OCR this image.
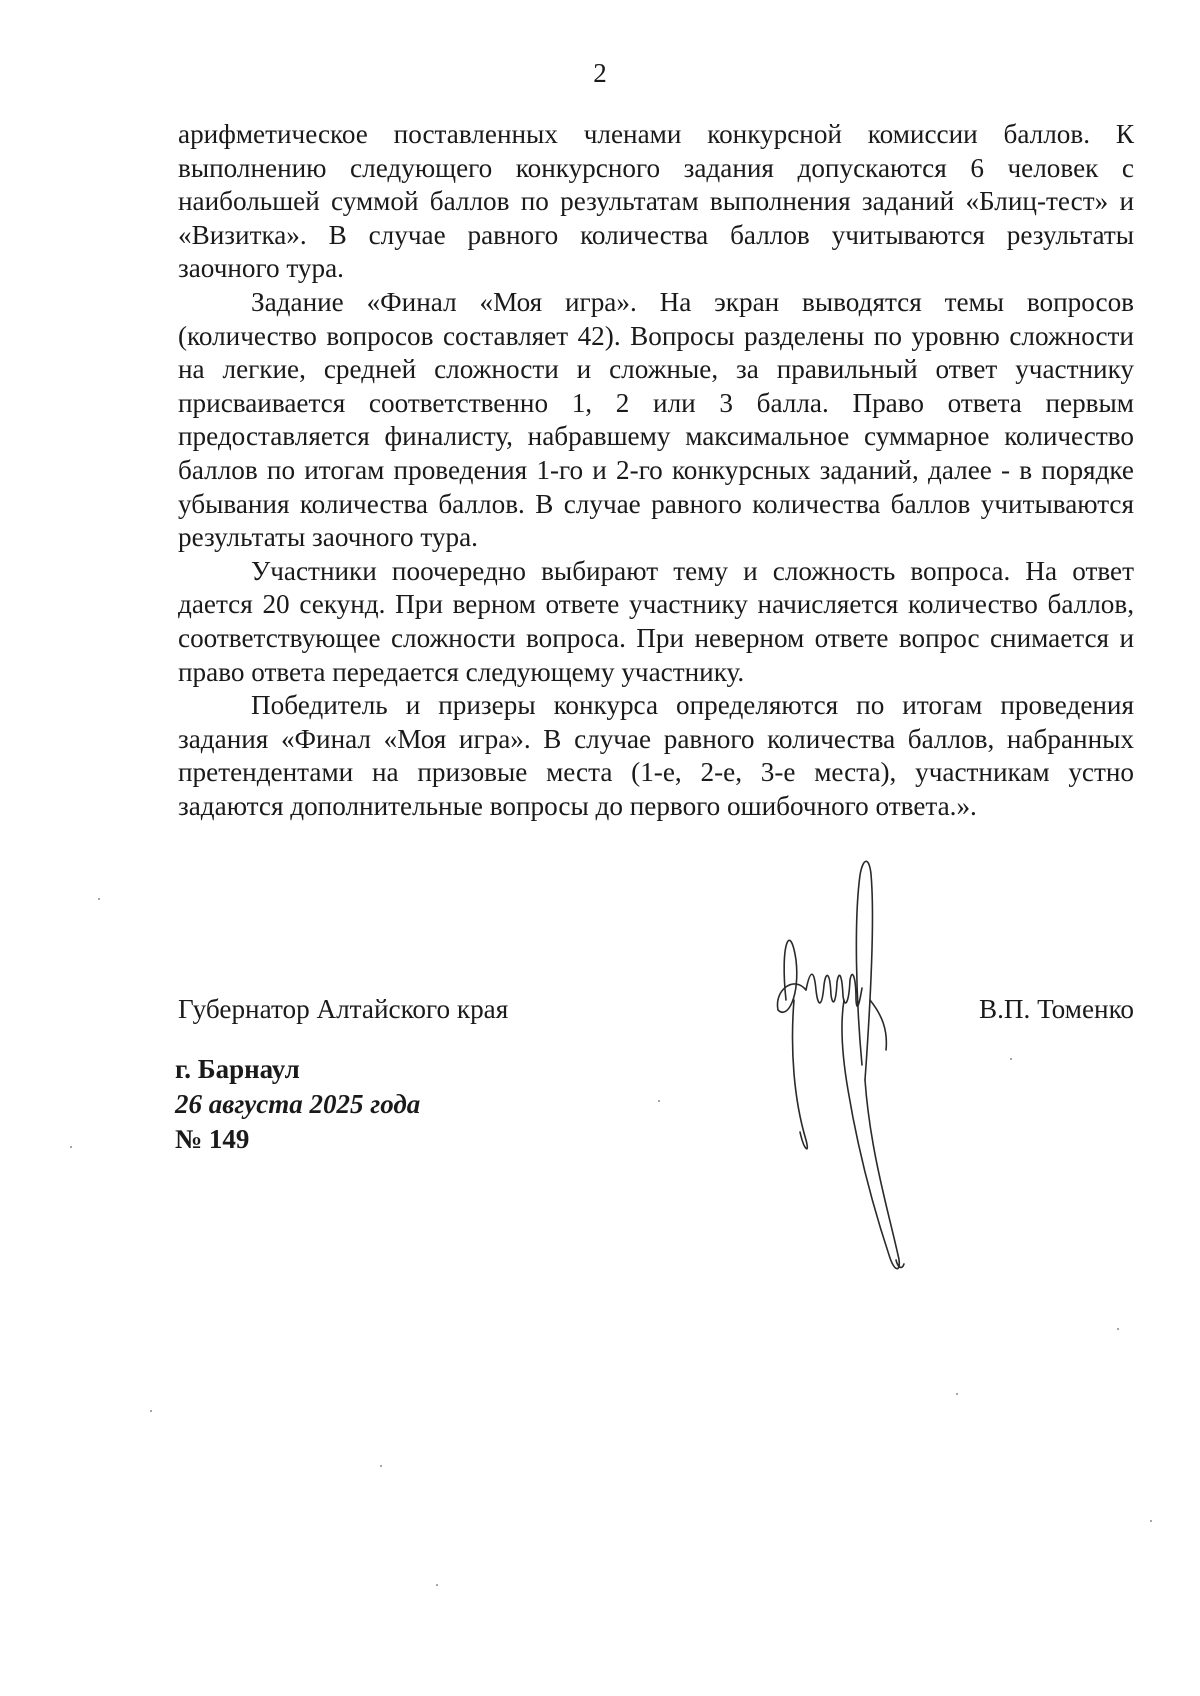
2

арифметическое поставленных членами конкурсной комиссии баллов. К выполнению следующего конкурсного задания допускаются 6 человек с наибольшей суммой баллов по результатам выполнения заданий «Блиц-тест» и «Визитка». В случае равного количества баллов учитываются результаты заочного тура.

Задание «Финал «Моя игра». На экран выводятся темы вопросов (количество вопросов составляет 42). Вопросы разделены по уровню сложности на легкие, средней сложности и сложные, за правильный ответ участнику присваивается соответственно 1, 2 или 3 балла. Право ответа первым предоставляется финалисту, набравшему максимальное суммарное количество баллов по итогам проведения 1-го и 2-го конкурсных заданий, далее - в порядке убывания количества баллов. В случае равного количества баллов учитываются результаты заочного тура.

Участники поочередно выбирают тему и сложность вопроса. На ответ дается 20 секунд. При верном ответе участнику начисляется количество баллов, соответствующее сложности вопроса. При неверном ответе вопрос снимается и право ответа передается следующему участнику.

Победитель и призеры конкурса определяются по итогам проведения задания «Финал «Моя игра». В случае равного количества баллов, набранных претендентами на призовые места (1-е, 2-е, 3-е места), участникам устно задаются дополнительные вопросы до первого ошибочного ответа.».

Губернатор Алтайского края	В.П. Томенко
г. Барнаул
26 августа 2025 года
№ 149
